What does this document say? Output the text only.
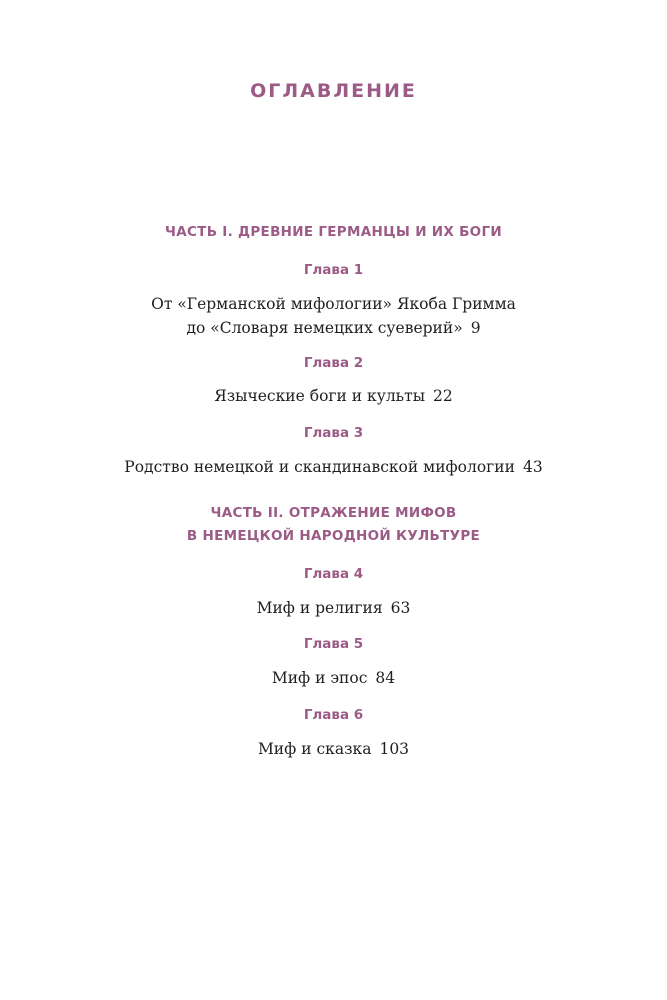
ОГЛАВЛЕНИЕ

ЧАСТЬ I. ДРЕВНИЕ ГЕРМАНЦЫ И ИХ БОГИ

Глава 1

От «Германской мифологии» Якоба Гримма

до «Словаря немецких суеверий» 9

Глава 2

Языческие боги и культы 22

Глава 3

Родство немецкой и скандинавской мифологии 43

ЧАСТЬ II. ОТРАЖЕНИЕ МИФОВ

В НЕМЕЦКОЙ НАРОДНОЙ КУЛЬТУРЕ

Глава 4

Миф и религия 63

Глава 5

Миф и эпос 84

Глава 6

Миф и сказка 103
